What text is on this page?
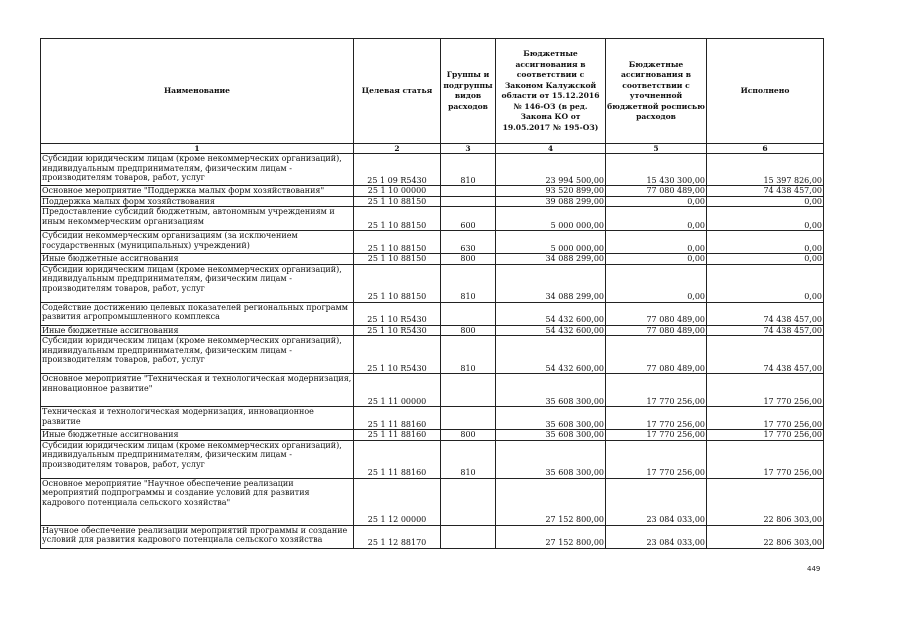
Наименование	Целевая статья	Группы и подгруппы видов расходов	Бюджетные ассигнования в соответствии с Законом Калужской области от 15.12.2016 № 146-ОЗ (в ред. Закона КО от 19.05.2017 № 195-ОЗ)	Бюджетные ассигнования в соответствии с уточненной бюджетной росписью расходов	Исполнено
1	2	3	4	5	6
Субсидии юридическим лицам (кроме некоммерческих организаций), индивидуальным предпринимателям, физическим лицам - производителям товаров, работ, услуг	25 1 09 R5430	810	23 994 500,00	15 430 300,00	15 397 826,00
Основное мероприятие "Поддержка малых форм хозяйствования"	25 1 10 00000		93 520 899,00	77 080 489,00	74 438 457,00
Поддержка малых форм хозяйствования	25 1 10 88150		39 088 299,00	0,00	0,00
Предоставление субсидий бюджетным, автономным учреждениям и иным некоммерческим организациям	25 1 10 88150	600	5 000 000,00	0,00	0,00
Субсидии некоммерческим организациям (за исключением государственных (муниципальных) учреждений)	25 1 10 88150	630	5 000 000,00	0,00	0,00
Иные бюджетные ассигнования	25 1 10 88150	800	34 088 299,00	0,00	0,00
Субсидии юридическим лицам (кроме некоммерческих организаций), индивидуальным предпринимателям, физическим лицам - производителям товаров, работ, услуг	25 1 10 88150	810	34 088 299,00	0,00	0,00
Содействие достижению целевых показателей региональных программ развития агропромышленного комплекса	25 1 10 R5430		54 432 600,00	77 080 489,00	74 438 457,00
Иные бюджетные ассигнования	25 1 10 R5430	800	54 432 600,00	77 080 489,00	74 438 457,00
Субсидии юридическим лицам (кроме некоммерческих организаций), индивидуальным предпринимателям, физическим лицам - производителям товаров, работ, услуг	25 1 10 R5430	810	54 432 600,00	77 080 489,00	74 438 457,00
Основное мероприятие "Техническая и технологическая модернизация, инновационное развитие"	25 1 11 00000		35 608 300,00	17 770 256,00	17 770 256,00
Техническая и технологическая модернизация, инновационное развитие	25 1 11 88160		35 608 300,00	17 770 256,00	17 770 256,00
Иные бюджетные ассигнования	25 1 11 88160	800	35 608 300,00	17 770 256,00	17 770 256,00
Субсидии юридическим лицам (кроме некоммерческих организаций), индивидуальным предпринимателям, физическим лицам - производителям товаров, работ, услуг	25 1 11 88160	810	35 608 300,00	17 770 256,00	17 770 256,00
Основное мероприятие "Научное обеспечение реализации мероприятий подпрограммы и создание условий для развития кадрового потенциала сельского хозяйства"	25 1 12 00000		27 152 800,00	23 084 033,00	22 806 303,00
Научное обеспечение реализации мероприятий программы и создание условий для развития кадрового потенциала сельского хозяйства	25 1 12 88170		27 152 800,00	23 084 033,00	22 806 303,00
449
